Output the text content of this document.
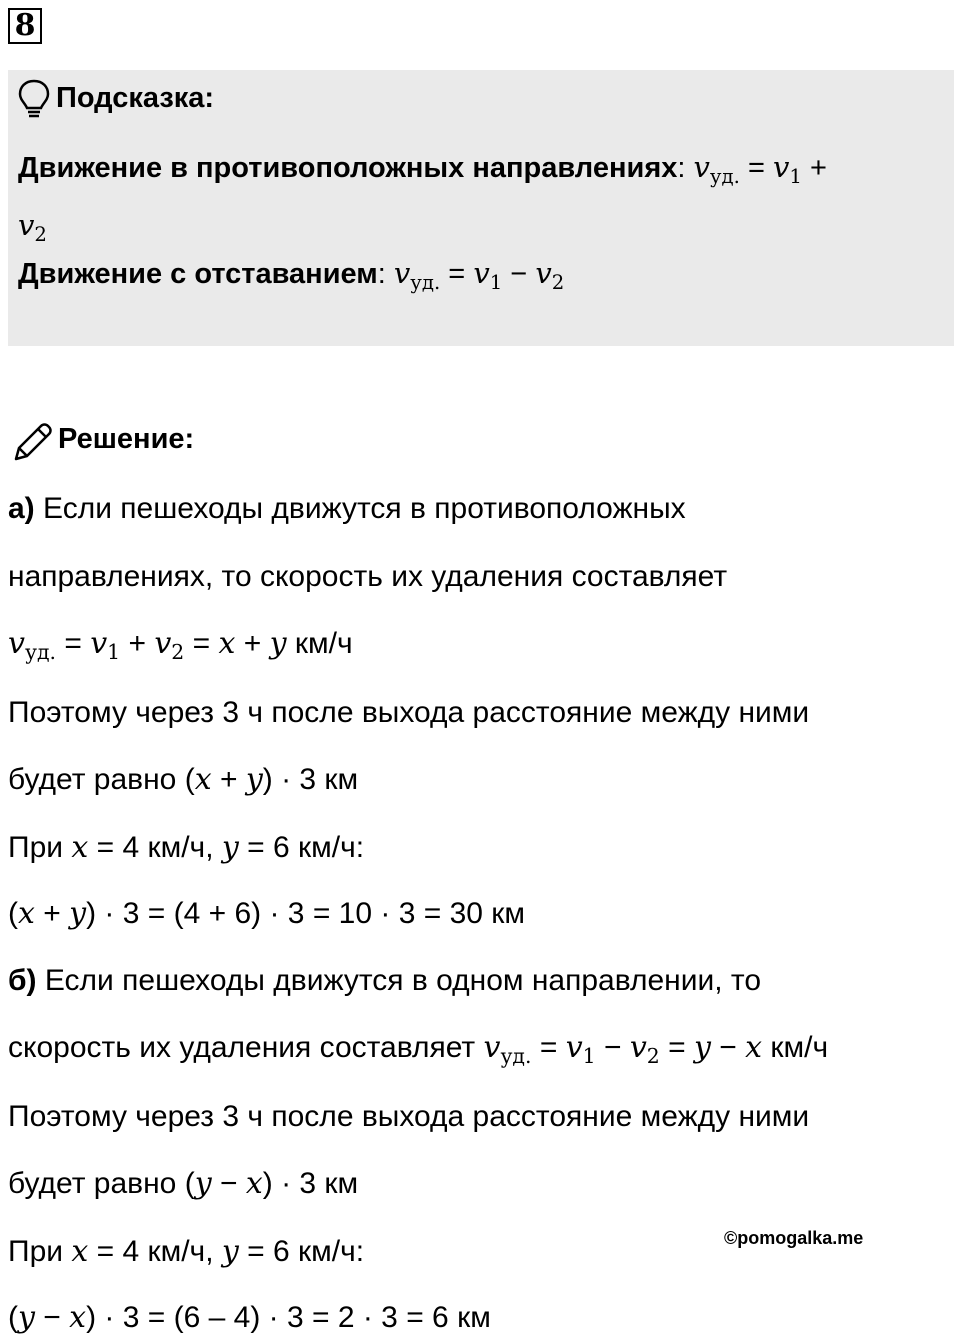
8
Подсказка:
Движение в противоположных направлениях: $v_{уд.} = v_1$ +
$v_2$
Движение с отставанием: $v_{уд.} = v_1 - v_2$
Решение:
а) Если пешеходы движутся в противоположных
направлениях, то скорость их удаления составляет
$v_{уд.} = v_1 + v_2 = x + y$ км/ч
Поэтому через 3 ч после выхода расстояние между ними
будет равно (x + y) · 3 км
При x = 4 км/ч, y = 6 км/ч:
(x + y) · 3 = (4 + 6) · 3 = 10 · 3 = 30 км
б) Если пешеходы движутся в одном направлении, то
скорость их удаления составляет $v_{уд.} = v_1 - v_2 = y - x$ км/ч
Поэтому через 3 ч после выхода расстояние между ними
будет равно (y − x) · 3 км
При x = 4 км/ч, y = 6 км/ч:
(y − x) · 3 = (6 – 4) · 3 = 2 · 3 = 6 км
©pomogalka.me
